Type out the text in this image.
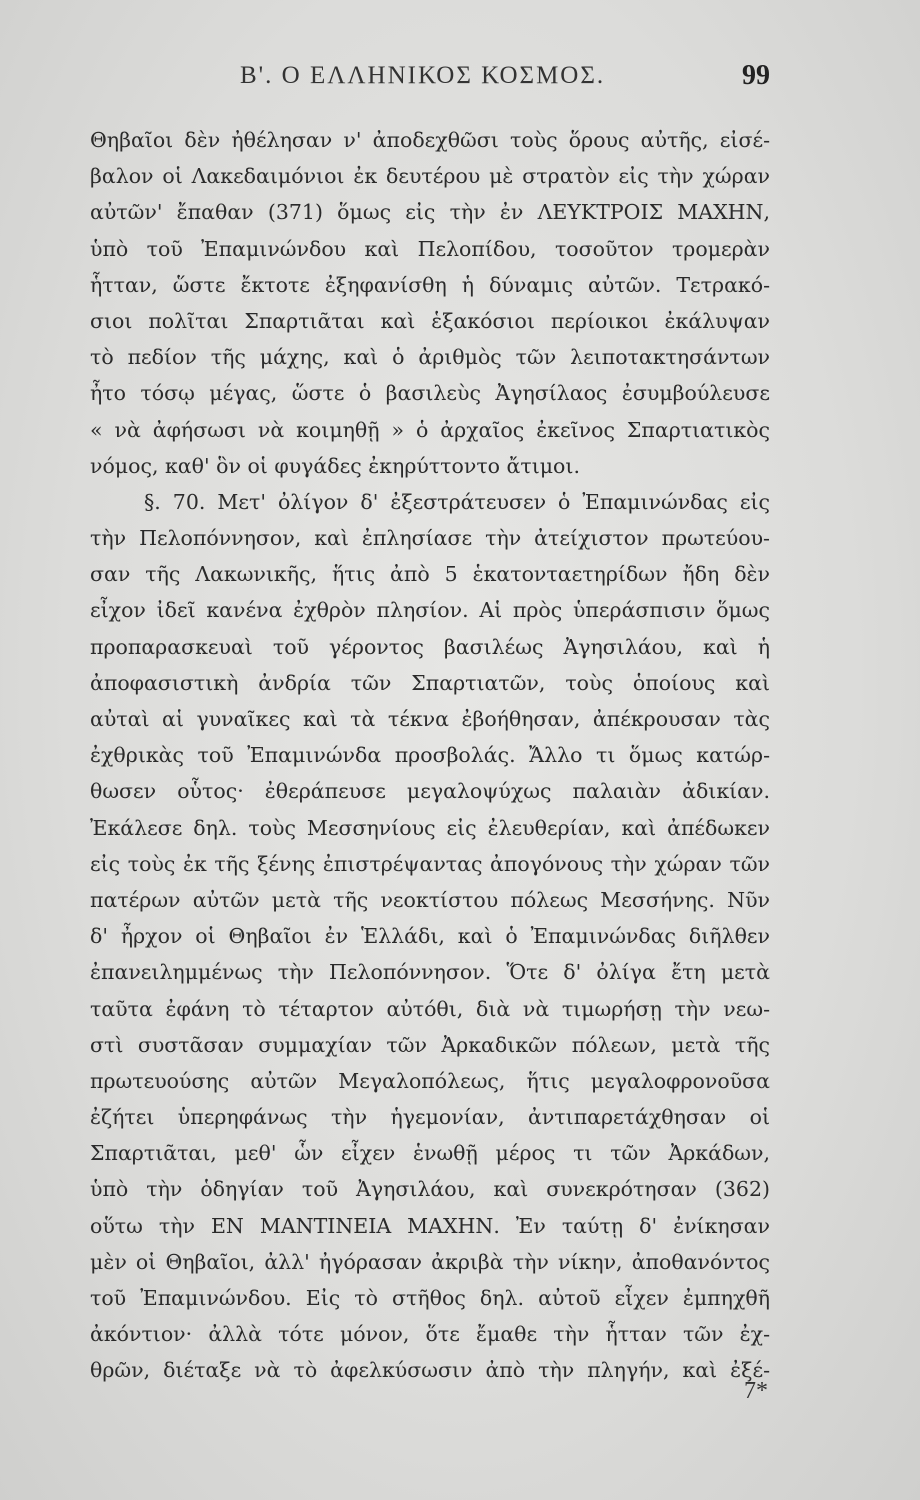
Β'. Ο ΕΛΛΗΝΙΚΟΣ ΚΟΣΜΟΣ.	99
Θηβαῖοι δὲν ἠθέλησαν ν' ἀποδεχθῶσι τοὺς ὅρους αὐτῆς, εἰσέ-
βαλον οἱ Λακεδαιμόνιοι ἐκ δευτέρου μὲ στρατὸν εἰς τὴν χώραν
αὐτῶν' ἔπαθαν (371) ὅμως εἰς τὴν ἐν ΛΕΥΚΤΡΟΙΣ ΜΑΧΗΝ,
ὑπὸ τοῦ Ἐπαμινώνδου καὶ Πελοπίδου, τοσοῦτον τρομερὰν
ἧτταν, ὥστε ἔκτοτε ἐξηφανίσθη ἡ δύναμις αὐτῶν. Τετρακό-
σιοι πολῖται Σπαρτιᾶται καὶ ἑξακόσιοι περίοικοι ἐκάλυψαν
τὸ πεδίον τῆς μάχης, καὶ ὁ ἀριθμὸς τῶν λειποτακτησάντων
ἦτο τόσῳ μέγας, ὥστε ὁ βασιλεὺς Ἀγησίλαος ἐσυμβούλευσε
« νὰ ἀφήσωσι νὰ κοιμηθῇ » ὁ ἀρχαῖος ἐκεῖνος Σπαρτιατικὸς
νόμος, καθ' ὃν οἱ φυγάδες ἐκηρύττοντο ἄτιμοι.
§. 70. Μετ' ὀλίγον δ' ἐξεστράτευσεν ὁ Ἐπαμινώνδας εἰς
τὴν Πελοπόννησον, καὶ ἐπλησίασε τὴν ἀτείχιστον πρωτεύου-
σαν τῆς Λακωνικῆς, ἥτις ἀπὸ 5 ἑκατονταετηρίδων ἤδη δὲν
εἶχον ἰδεῖ κανένα ἐχθρὸν πλησίον. Αἱ πρὸς ὑπεράσπισιν ὅμως
προπαρασκευαὶ τοῦ γέροντος βασιλέως Ἀγησιλάου, καὶ ἡ
ἀποφασιστικὴ ἀνδρία τῶν Σπαρτιατῶν, τοὺς ὁποίους καὶ
αὐταὶ αἱ γυναῖκες καὶ τὰ τέκνα ἐβοήθησαν, ἀπέκρουσαν τὰς
ἐχθρικὰς τοῦ Ἐπαμινώνδα προσβολάς. Ἄλλο τι ὅμως κατώρ-
θωσεν οὗτος· ἐθεράπευσε μεγαλοψύχως παλαιὰν ἀδικίαν.
Ἐκάλεσε δηλ. τοὺς Μεσσηνίους εἰς ἐλευθερίαν, καὶ ἀπέδωκεν
εἰς τοὺς ἐκ τῆς ξένης ἐπιστρέψαντας ἀπογόνους τὴν χώραν τῶν
πατέρων αὐτῶν μετὰ τῆς νεοκτίστου πόλεως Μεσσήνης. Νῦν
δ' ἦρχον οἱ Θηβαῖοι ἐν Ἑλλάδι, καὶ ὁ Ἐπαμινώνδας διῆλθεν
ἐπανειλημμένως τὴν Πελοπόννησον. Ὅτε δ' ὀλίγα ἔτη μετὰ
ταῦτα ἐφάνη τὸ τέταρτον αὐτόθι, διὰ νὰ τιμωρήσῃ τὴν νεω-
στὶ συστᾶσαν συμμαχίαν τῶν Ἀρκαδικῶν πόλεων, μετὰ τῆς
πρωτευούσης αὐτῶν Μεγαλοπόλεως, ἥτις μεγαλοφρονοῦσα
ἐζήτει ὑπερηφάνως τὴν ἡγεμονίαν, ἀντιπαρετάχθησαν οἱ
Σπαρτιᾶται, μεθ' ὧν εἶχεν ἑνωθῇ μέρος τι τῶν Ἀρκάδων,
ὑπὸ τὴν ὁδηγίαν τοῦ Ἀγησιλάου, καὶ συνεκρότησαν (362)
οὕτω τὴν ΕΝ ΜΑΝΤΙΝΕΙΑ ΜΑΧΗΝ. Ἐν ταύτῃ δ' ἐνίκησαν
μὲν οἱ Θηβαῖοι, ἀλλ' ἠγόρασαν ἀκριβὰ τὴν νίκην, ἀποθανόντος
τοῦ Ἐπαμινώνδου. Εἰς τὸ στῆθος δηλ. αὐτοῦ εἶχεν ἐμπηχθῆ
ἀκόντιον· ἀλλὰ τότε μόνον, ὅτε ἔμαθε τὴν ἧτταν τῶν ἐχ-
θρῶν, διέταξε νὰ τὸ ἀφελκύσωσιν ἀπὸ τὴν πληγήν, καὶ ἐξέ-
7*
